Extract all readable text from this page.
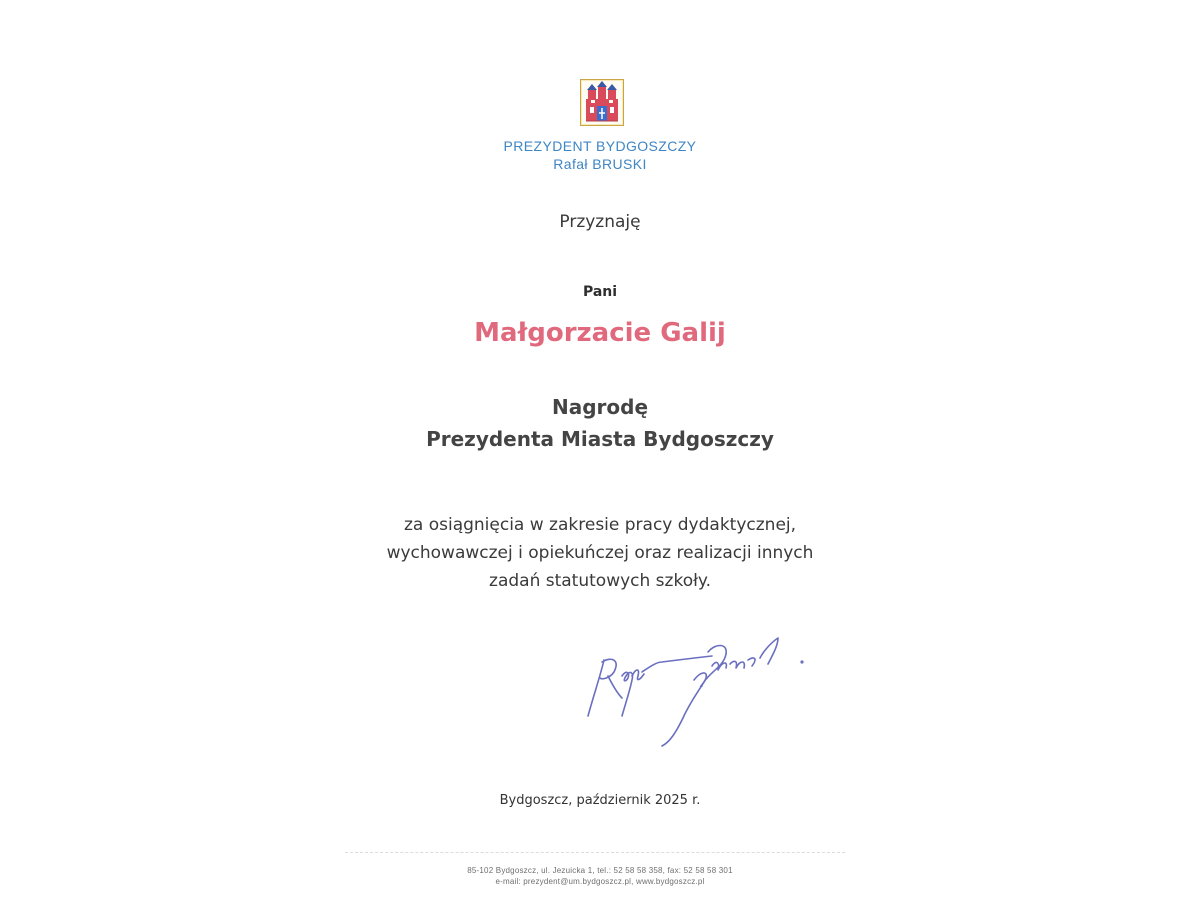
PREZYDENT BYDGOSZCZY
Rafał BRUSKI
Przyznaję
Pani
Małgorzacie Galij
Nagrodę
Prezydenta Miasta Bydgoszczy
za osiągnięcia w zakresie pracy dydaktycznej,
wychowawczej i opiekuńczej oraz realizacji innych
zadań statutowych szkoły.
Bydgoszcz, październik 2025 r.
85-102 Bydgoszcz, ul. Jezuicka 1, tel.: 52 58 58 358, fax: 52 58 58 301
e-mail: prezydent@um.bydgoszcz.pl, www.bydgoszcz.pl
